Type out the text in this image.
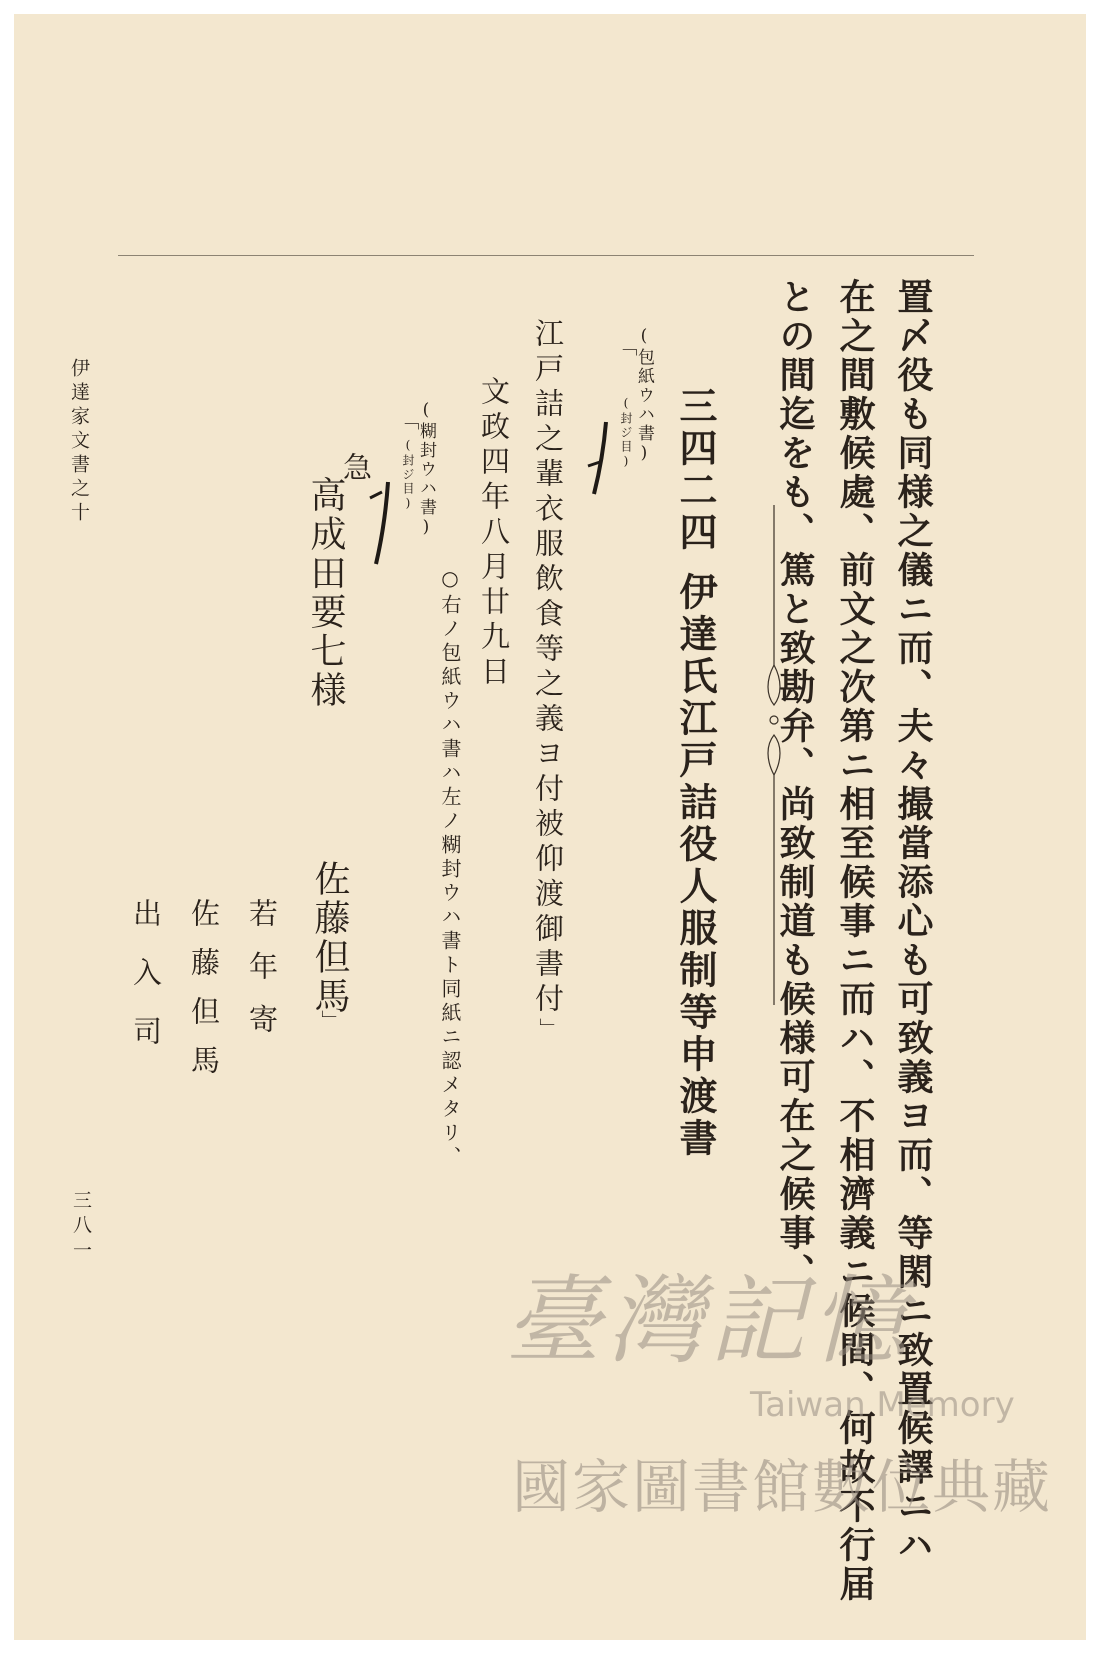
伊達家文書之十
三八一	置〆役も同様之儀ニ而、夫々撮當添心も可致義ヨ而、等閑ニ致置候譯ニハ
在之間敷候處、前文之次第ニ相至候事ニ而ハ、不相濟義ニ候間、何故不行届
との間迄をも、篤と致勘弁、尚致制道も候様可在之候事、
三四二四
伊達氏江戸詰役人服制等申渡書
(包紙ウハ書)
(封ジ目)
「
江戸詰之輩衣服飲食等之義ヨ付被仰渡御書付
」
文政四年八月廿九日
○右ノ包紙ウハ書ハ左ノ糊封ウハ書ト同紙ニ認メタリ、
(糊封ウハ書)
(封ジ目)
「
急
高成田要七様
佐藤但馬
」
若年寄
佐藤但馬
出入司
臺灣記憶
Taiwan Memory
國家圖書館數位典藏
